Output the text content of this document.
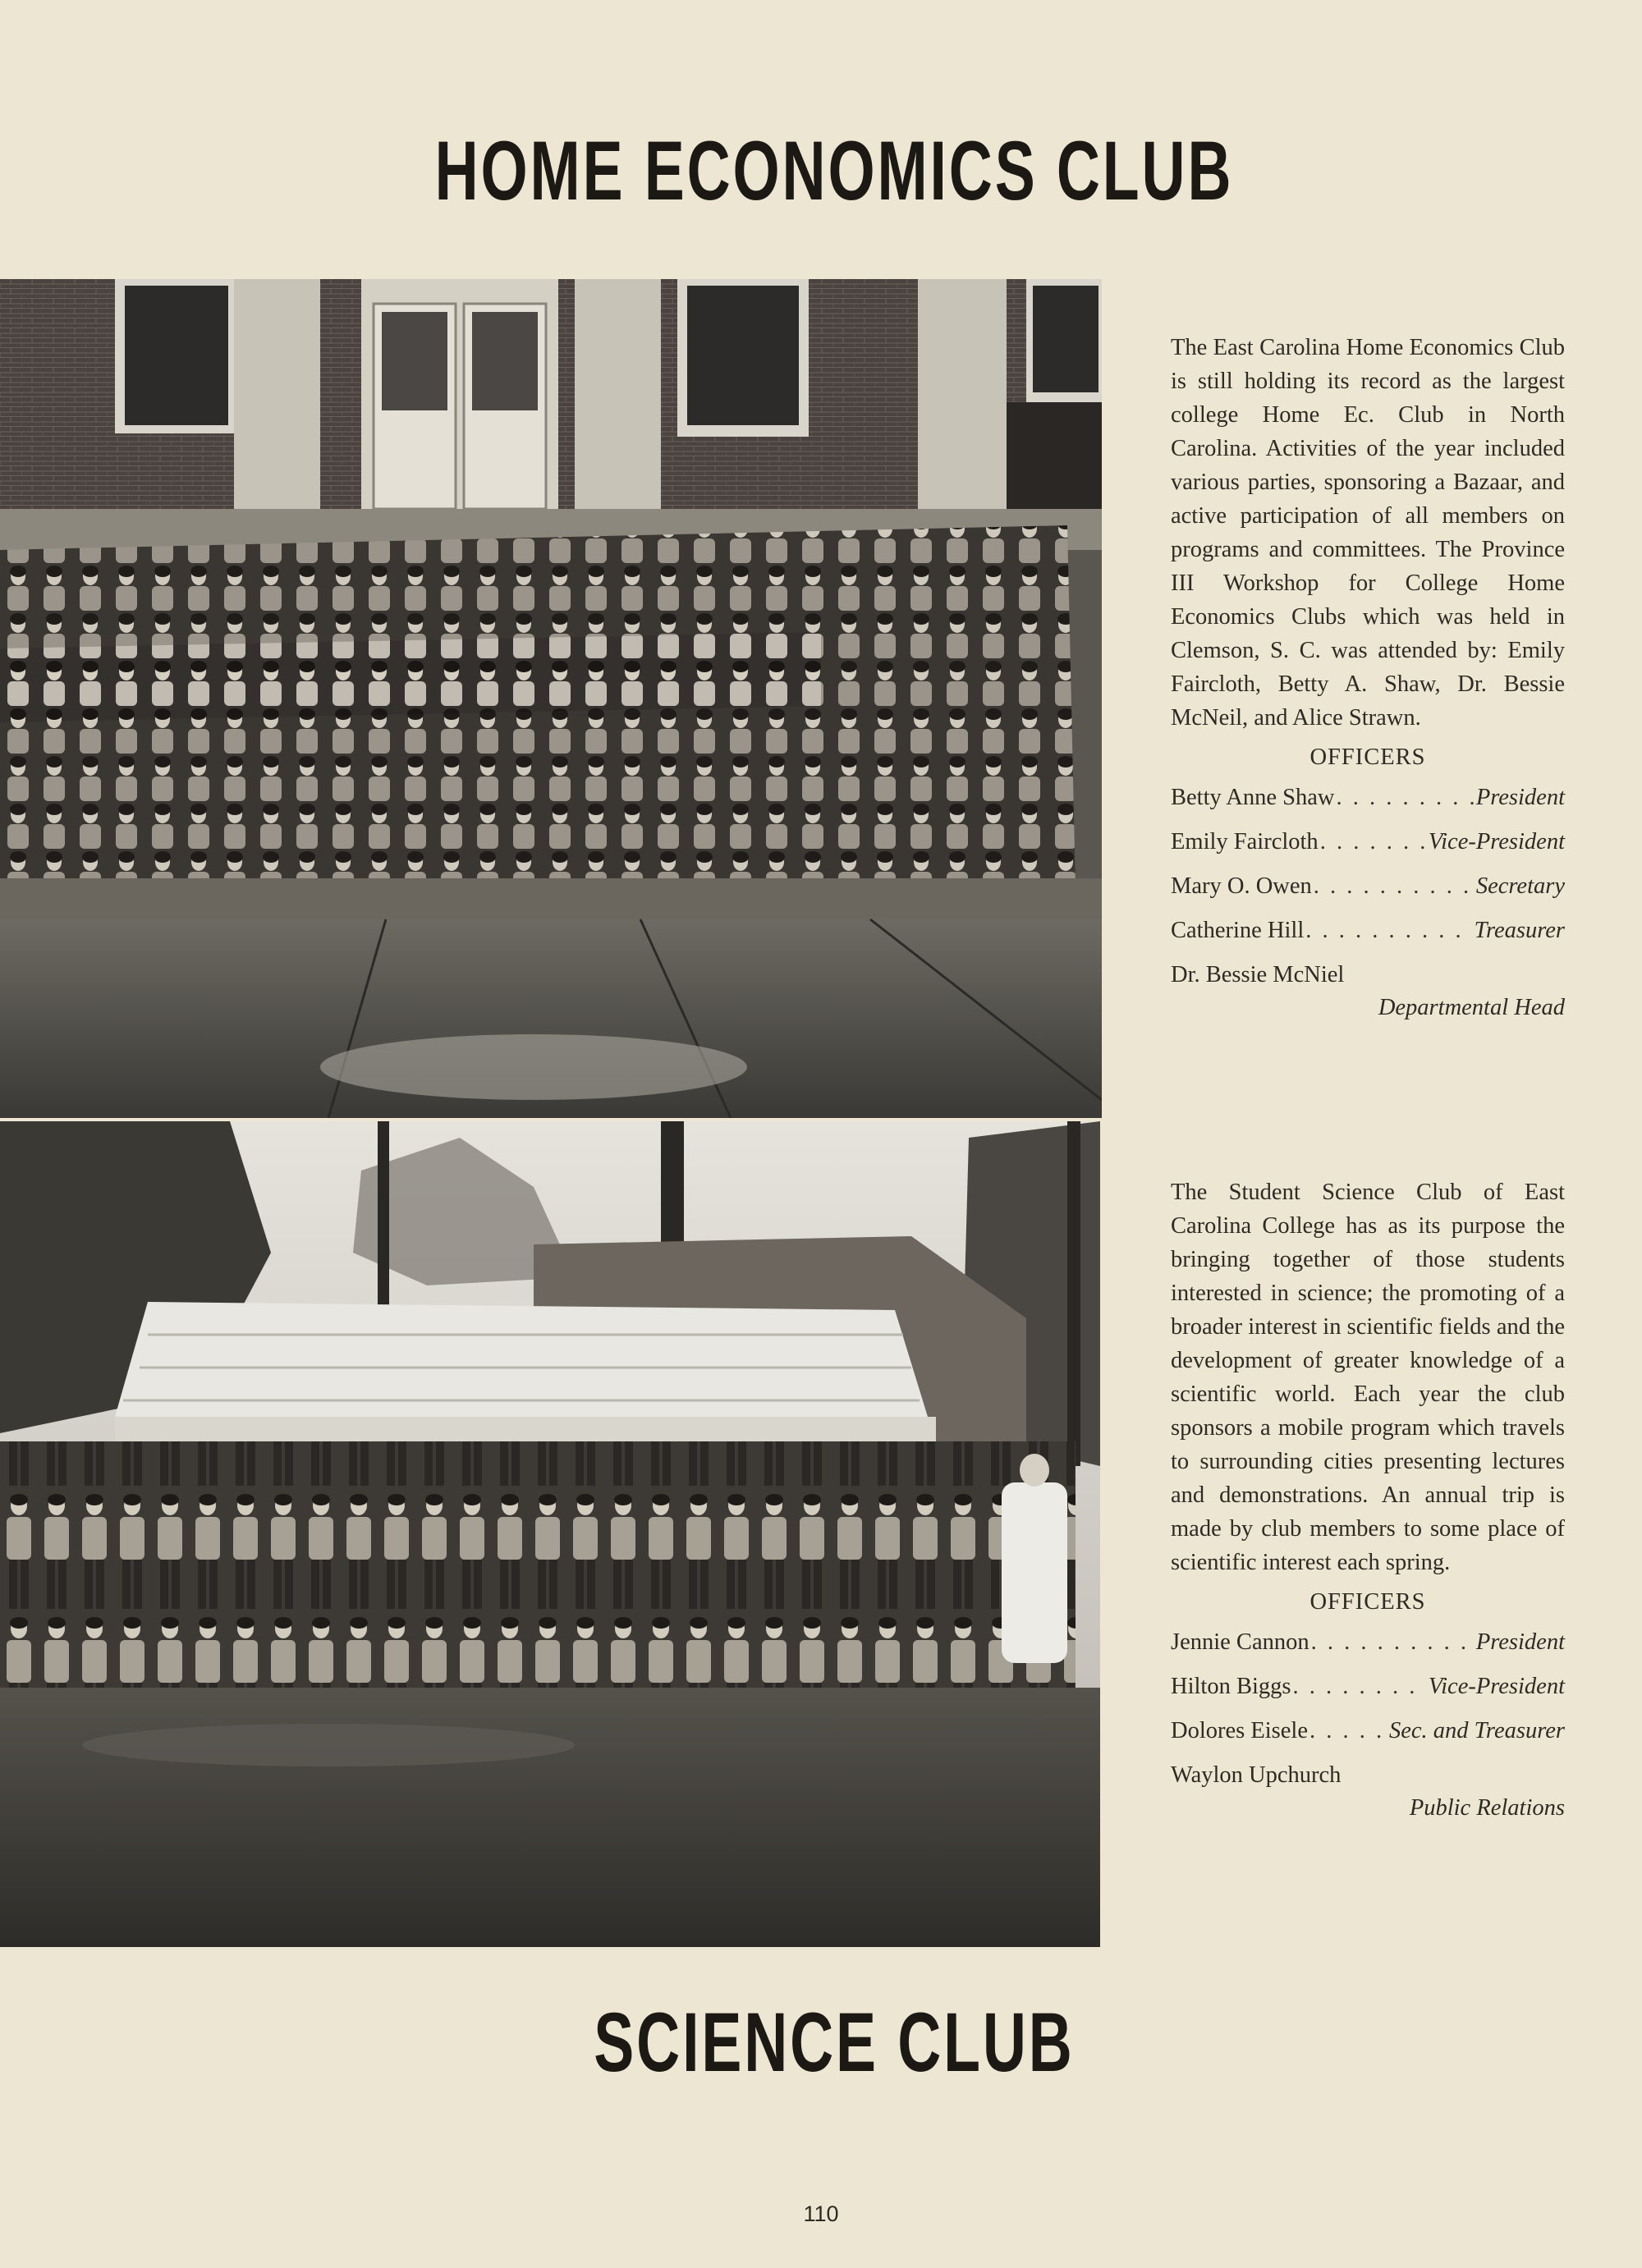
HOME ECONOMICS CLUB

The East Carolina Home Economics Club is still holding its record as the largest college Home Ec. Club in North Carolina. Activities of the year included various parties, sponsoring a Bazaar, and active participation of all members on programs and committees. The Province III Workshop for College Home Economics Clubs which was held in Clemson, S. C. was attended by: Emily Faircloth, Betty A. Shaw, Dr. Bessie McNeil, and Alice Strawn.

OFFICERS

Betty Anne Shaw . . .	President
Emily Faircloth . . .	Vice-President
Mary O. Owen . . .	Secretary
Catherine Hill . . .	Treasurer
Dr. Bessie McNiel
Departmental Head

The Student Science Club of East Carolina College has as its purpose the bringing together of those students interested in science; the promoting of a broader interest in scientific fields and the development of greater knowledge of a scientific world. Each year the club sponsors a mobile program which travels to surrounding cities presenting lectures and demonstrations. An annual trip is made by club members to some place of scientific interest each spring.

OFFICERS

Jennie Cannon . . .	President
Hilton Biggs . . .	Vice-President
Dolores Eisele . . .	Sec. and Treasurer
Waylon Upchurch
Public Relations
SCIENCE CLUB
110
